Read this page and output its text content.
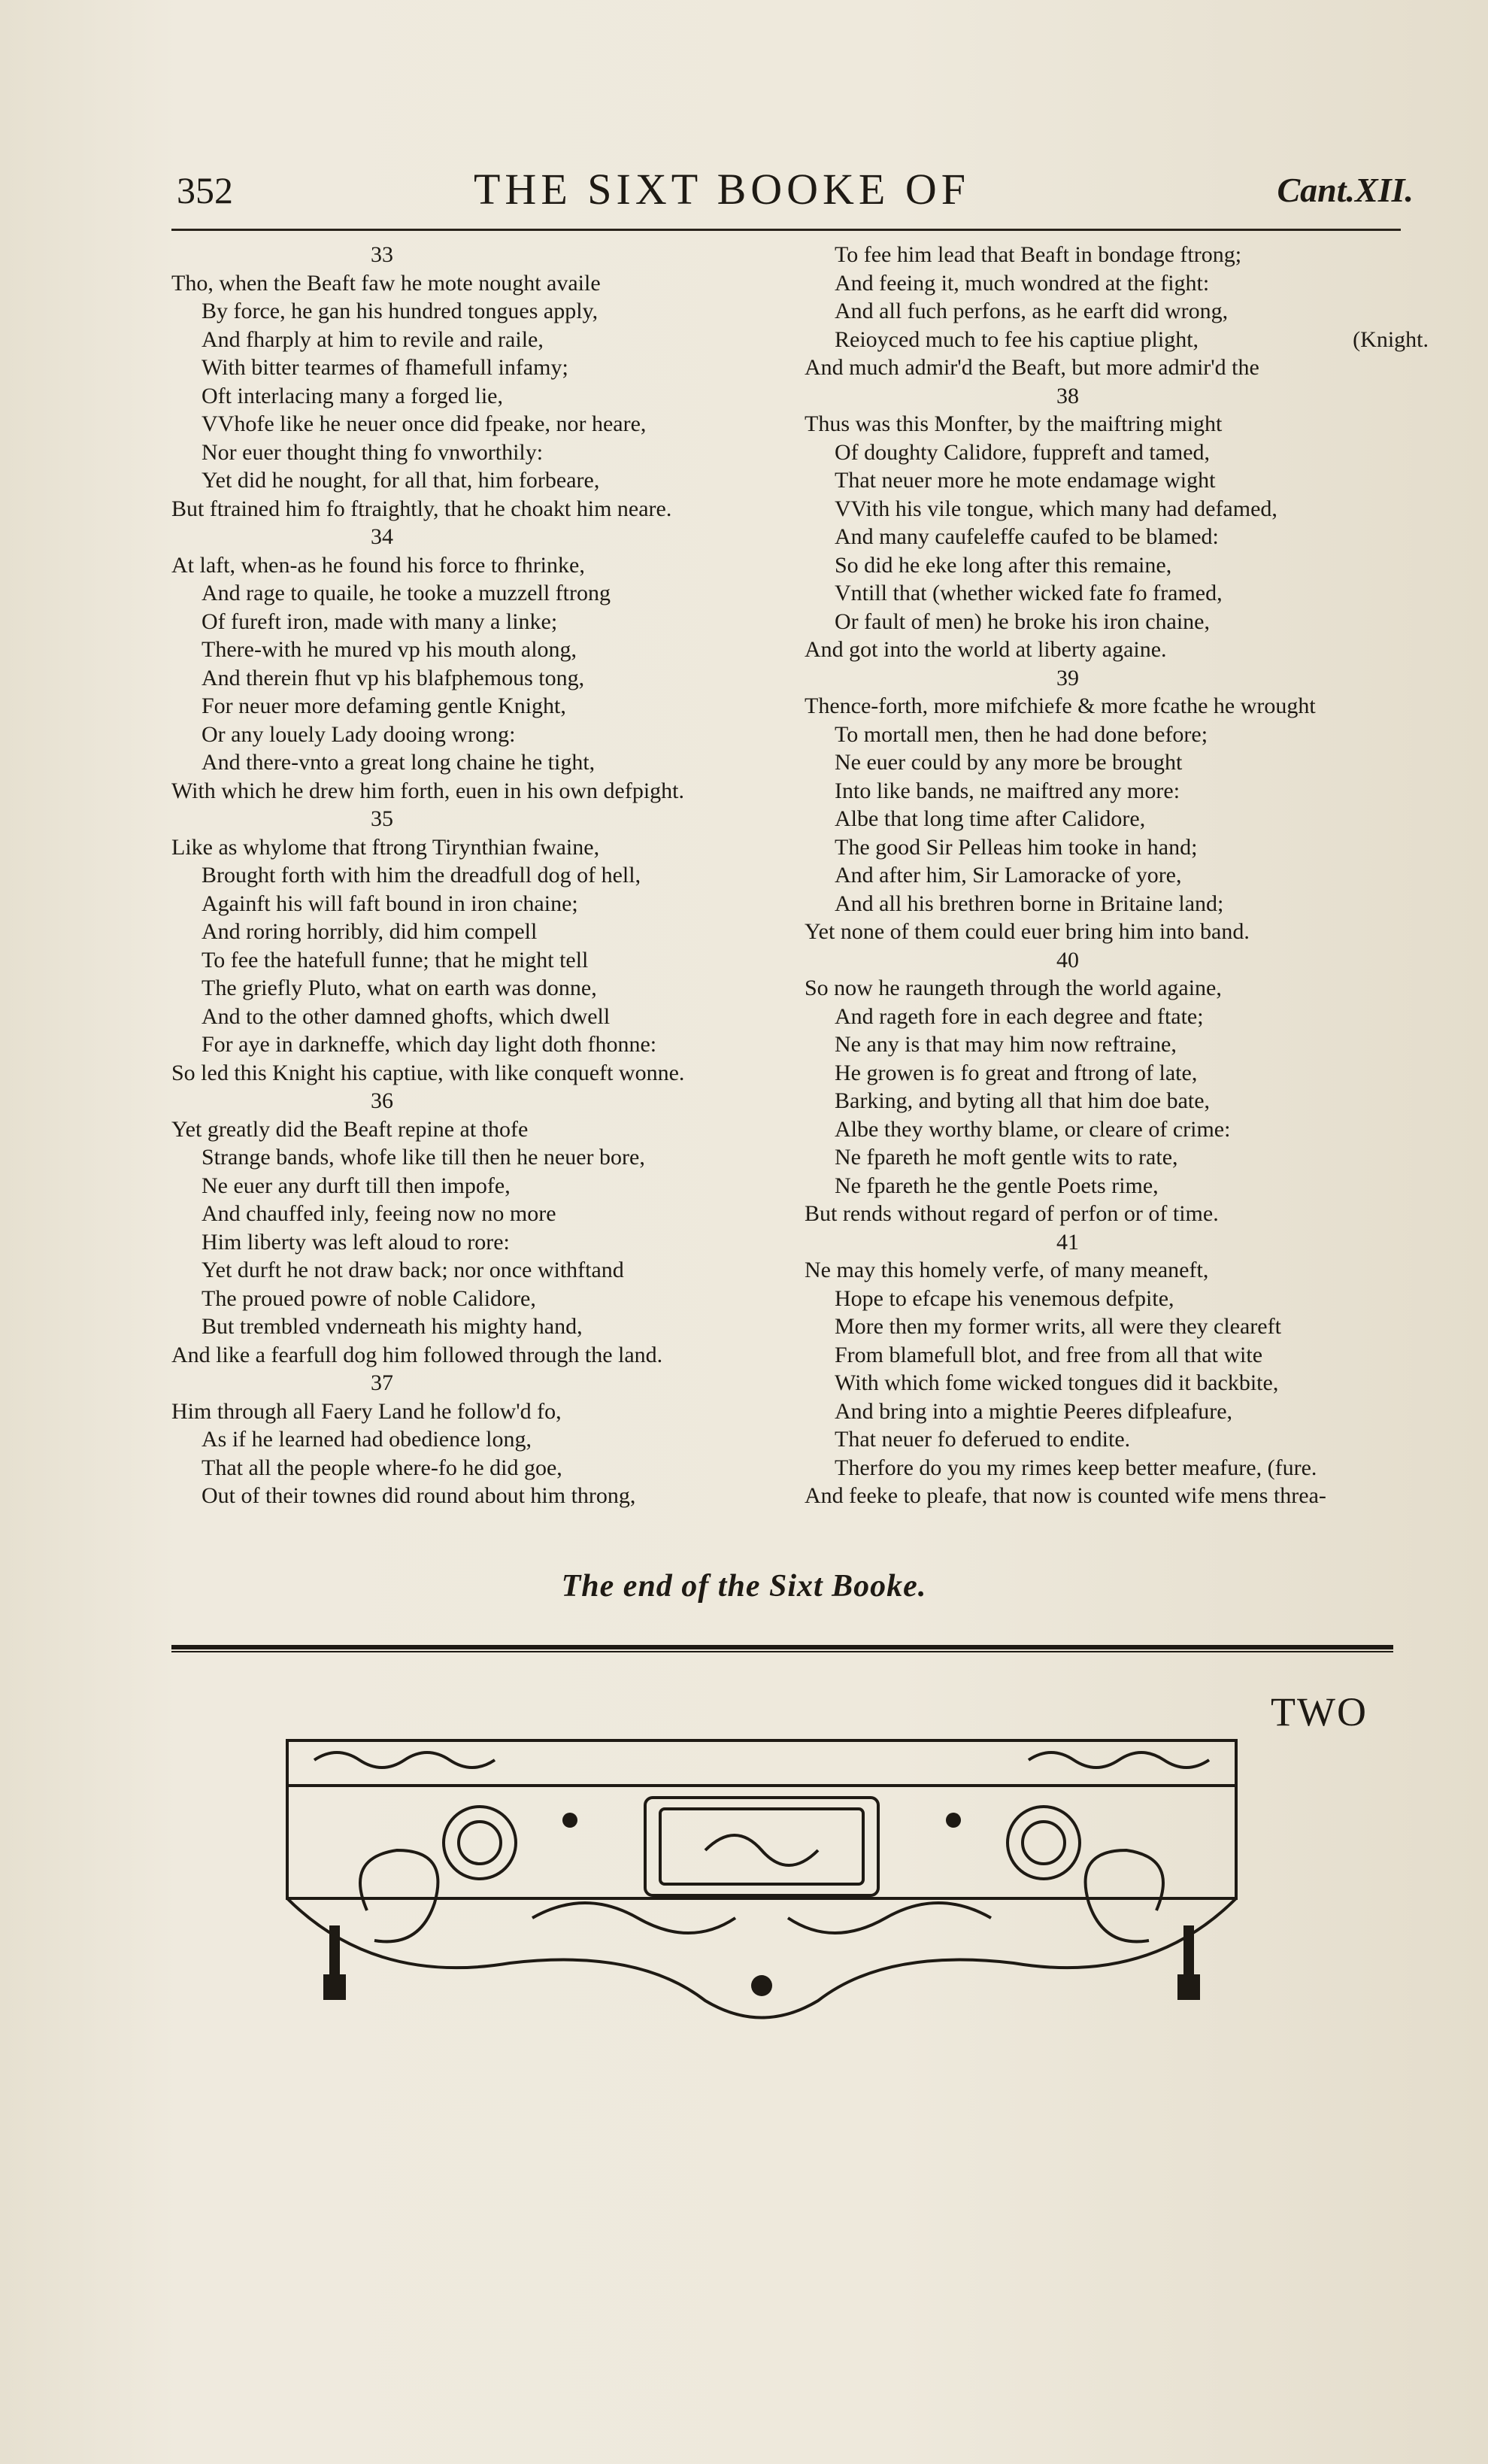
352	THE SIXT BOOKE OF	Cant.XII.
33
Tho, when the Beaft faw he mote nought availe
By force, he gan his hundred tongues apply,
And fharply at him to revile and raile,
With bitter tearmes of fhamefull infamy;
Oft interlacing many a forged lie,
VVhofe like he neuer once did fpeake, nor heare,
Nor euer thought thing fo vnworthily:
Yet did he nought, for all that, him forbeare,
But ftrained him fo ftraightly, that he choakt him neare.
34
At laft, when-as he found his force to fhrinke,
And rage to quaile, he tooke a muzzell ftrong
Of fureft iron, made with many a linke;
There-with he mured vp his mouth along,
And therein fhut vp his blafphemous tong,
For neuer more defaming gentle Knight,
Or any louely Lady dooing wrong:
And there-vnto a great long chaine he tight,
With which he drew him forth, euen in his own defpight.
35
Like as whylome that ftrong Tirynthian fwaine,
Brought forth with him the dreadfull dog of hell,
Againft his will faft bound in iron chaine;
And roring horribly, did him compell
To fee the hatefull funne; that he might tell
The griefly Pluto, what on earth was donne,
And to the other damned ghofts, which dwell
For aye in darkneffe, which day light doth fhonne:
So led this Knight his captiue, with like conqueft wonne.
36
Yet greatly did the Beaft repine at thofe
Strange bands, whofe like till then he neuer bore,
Ne euer any durft till then impofe,
And chauffed inly, feeing now no more
Him liberty was left aloud to rore:
Yet durft he not draw back; nor once withftand
The proued powre of noble Calidore,
But trembled vnderneath his mighty hand,
And like a fearfull dog him followed through the land.
37
Him through all Faery Land he follow'd fo,
As if he learned had obedience long,
That all the people where-fo he did goe,
Out of their townes did round about him throng,
To fee him lead that Beaft in bondage ftrong;
And feeing it, much wondred at the fight:
And all fuch perfons, as he earft did wrong,
Reioyced much to fee his captiue plight,	(Knight.
And much admir'd the Beaft, but more admir'd the
38
Thus was this Monfter, by the maiftring might
Of doughty Calidore, fuppreft and tamed,
That neuer more he mote endamage wight
VVith his vile tongue, which many had defamed,
And many caufeleffe caufed to be blamed:
So did he eke long after this remaine,
Vntill that (whether wicked fate fo framed,
Or fault of men) he broke his iron chaine,
And got into the world at liberty againe.
39
Thence-forth, more mifchiefe & more fcathe he wrought
To mortall men, then he had done before;
Ne euer could by any more be brought
Into like bands, ne maiftred any more:
Albe that long time after Calidore,
The good Sir Pelleas him tooke in hand;
And after him, Sir Lamoracke of yore,
And all his brethren borne in Britaine land;
Yet none of them could euer bring him into band.
40
So now he raungeth through the world againe,
And rageth fore in each degree and ftate;
Ne any is that may him now reftraine,
He growen is fo great and ftrong of late,
Barking, and byting all that him doe bate,
Albe they worthy blame, or cleare of crime:
Ne fpareth he moft gentle wits to rate,
Ne fpareth he the gentle Poets rime,
But rends without regard of perfon or of time.
41
Ne may this homely verfe, of many meaneft,
Hope to efcape his venemous defpite,
More then my former writs, all were they cleareft
From blamefull blot, and free from all that wite
With which fome wicked tongues did it backbite,
And bring into a mightie Peeres difpleafure,
That neuer fo deferued to endite.
Therfore do you my rimes keep better meafure, (fure.
And feeke to pleafe, that now is counted wife mens threa-
The end of the Sixt Booke.
TWO
